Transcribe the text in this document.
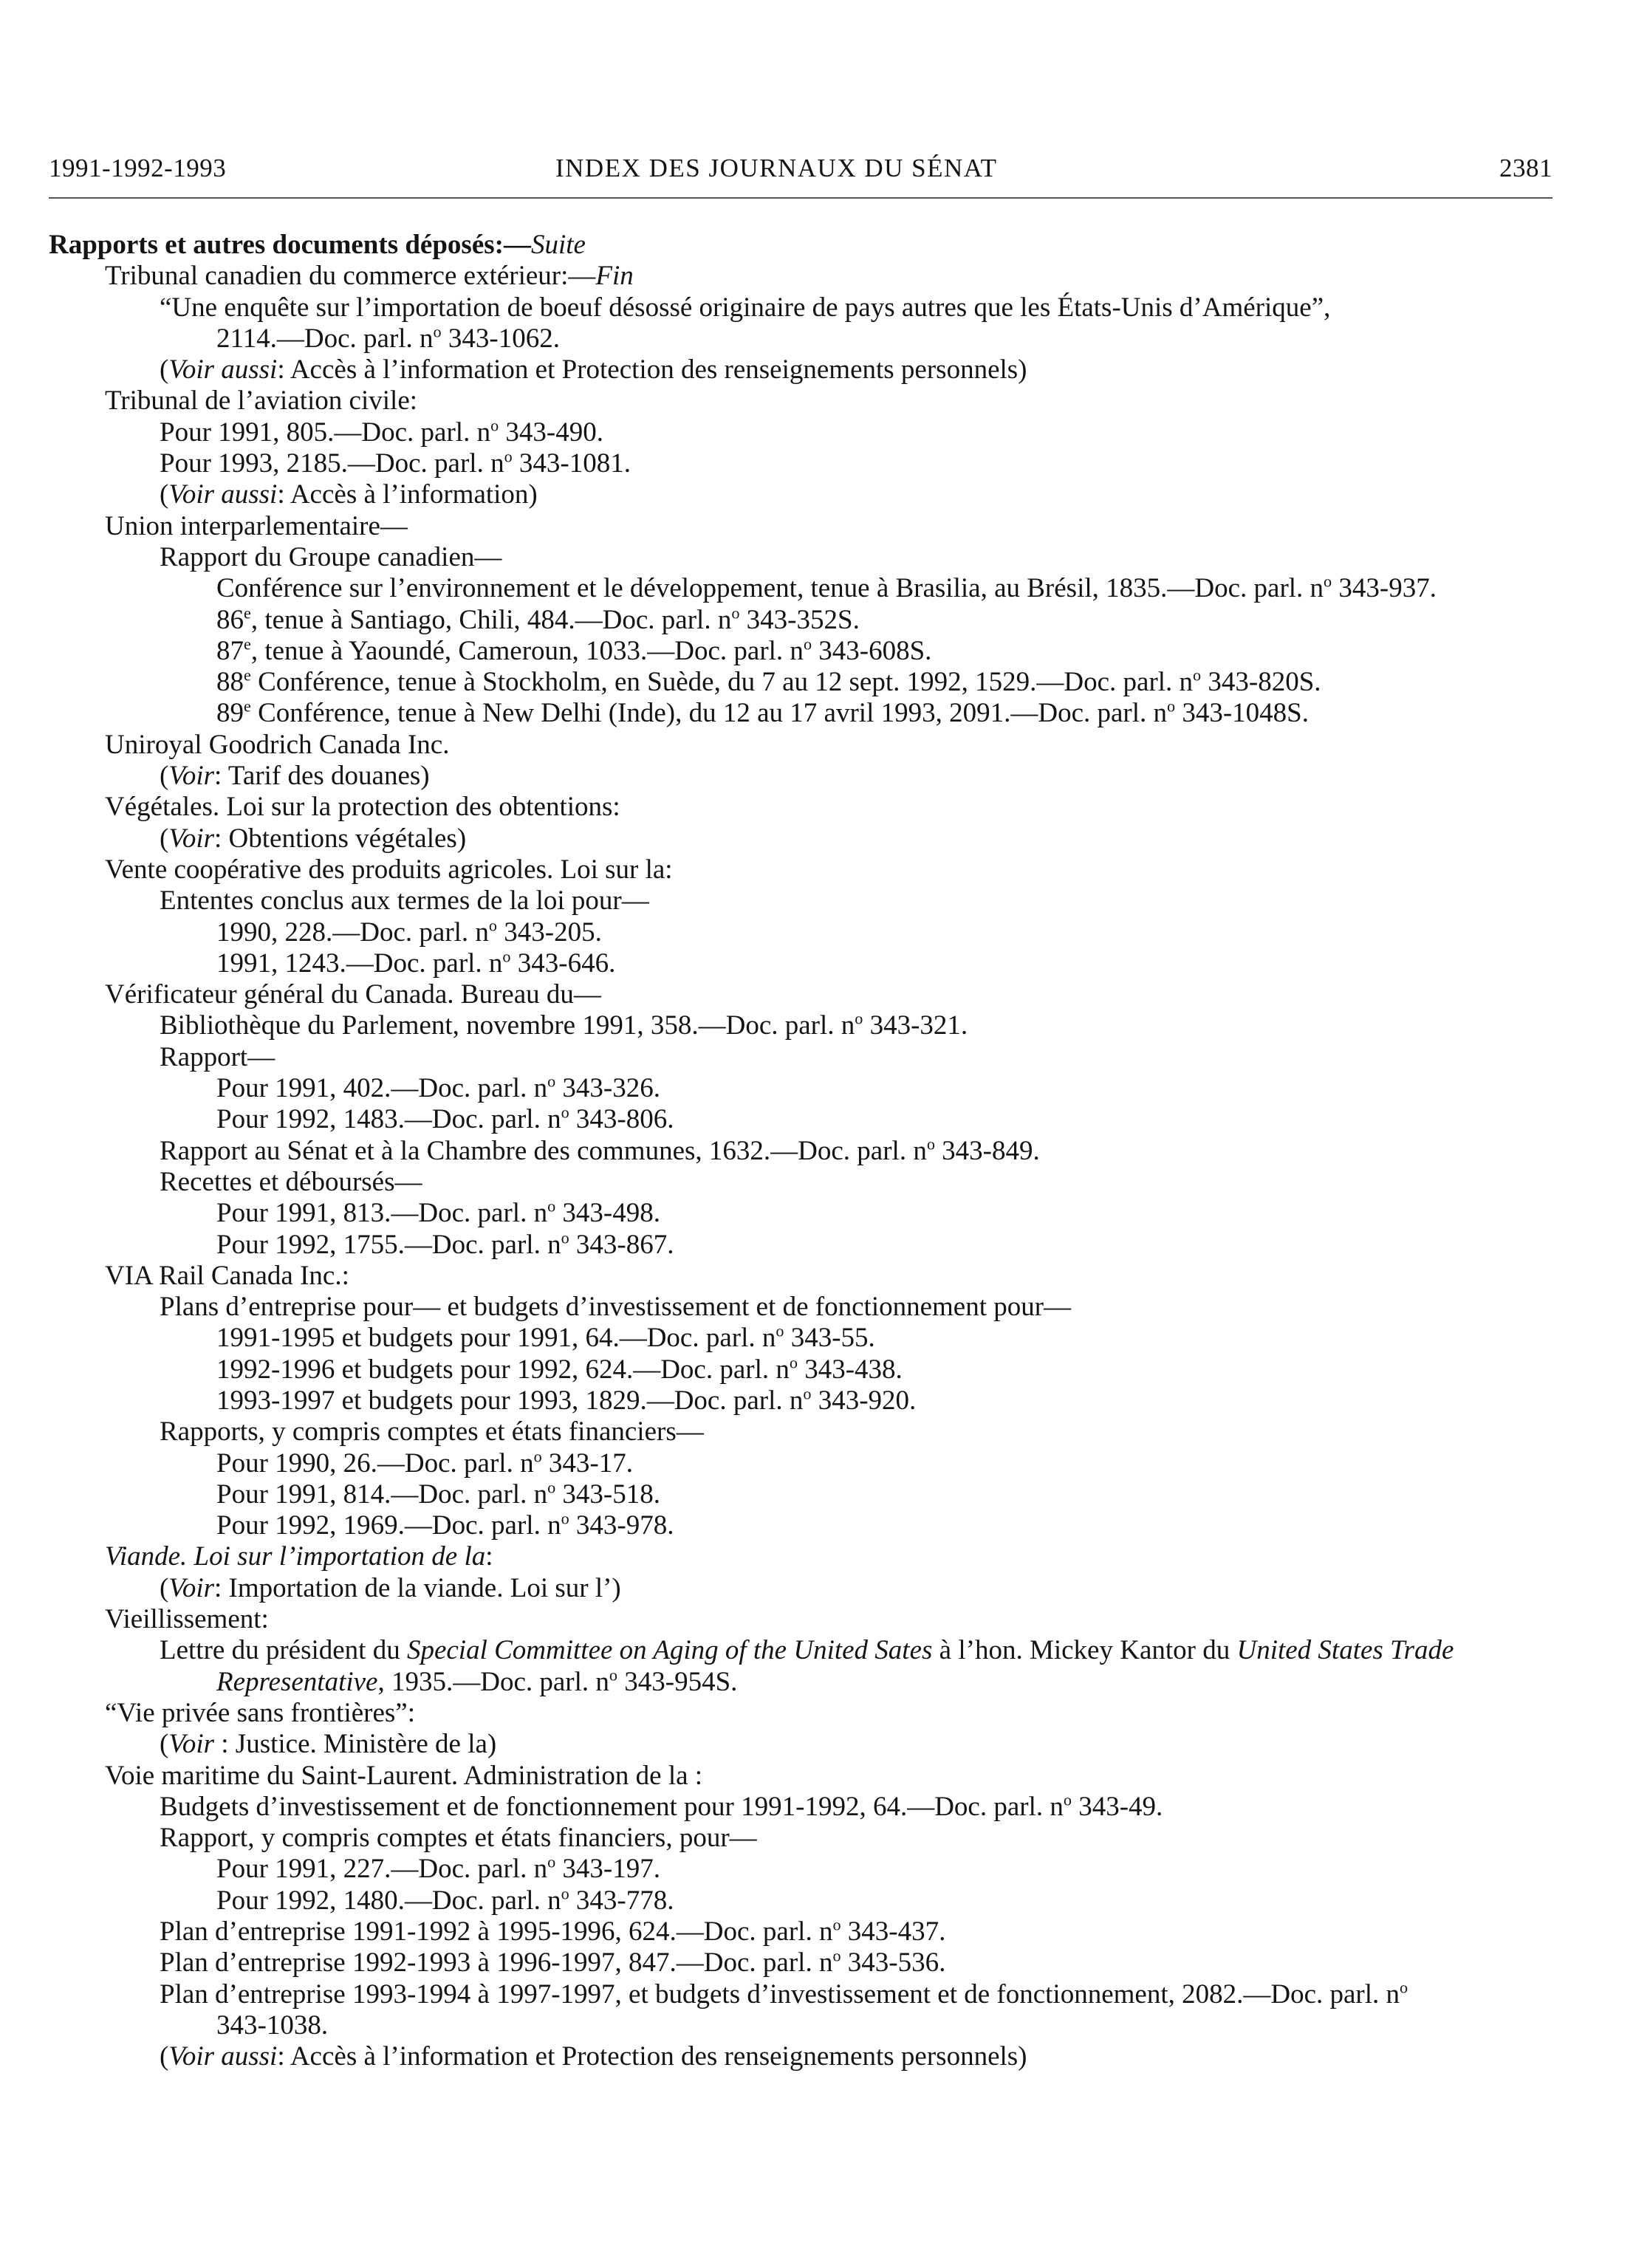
1991-1992-1993	INDEX DES JOURNAUX DU SÉNAT	2381
Rapports et autres documents déposés:—Suite
Tribunal canadien du commerce extérieur:—Fin
“Une enquête sur l’importation de boeuf désossé originaire de pays autres que les États-Unis d’Amérique”,
2114.—Doc. parl. $n^o$ 343-1062.
(Voir aussi: Accès à l’information et Protection des renseignements personnels)
Tribunal de l’aviation civile:
Pour 1991, 805.—Doc. parl. $n^o$ 343-490.
Pour 1993, 2185.—Doc. parl. $n^o$ 343-1081.
(Voir aussi: Accès à l’information)
Union interparlementaire—
Rapport du Groupe canadien—
Conférence sur l’environnement et le développement, tenue à Brasilia, au Brésil, 1835.—Doc. parl. $n^o$ 343-937.
86e, tenue à Santiago, Chili, 484.—Doc. parl. $n^o$ 343-352S.
87e, tenue à Yaoundé, Cameroun, 1033.—Doc. parl. $n^o$ 343-608S.
88e Conférence, tenue à Stockholm, en Suède, du 7 au 12 sept. 1992, 1529.—Doc. parl. $n^o$ 343-820S.
89e Conférence, tenue à New Delhi (Inde), du 12 au 17 avril 1993, 2091.—Doc. parl. $n^o$ 343-1048S.
Uniroyal Goodrich Canada Inc.
(Voir: Tarif des douanes)
Végétales. Loi sur la protection des obtentions:
(Voir: Obtentions végétales)
Vente coopérative des produits agricoles. Loi sur la:
Ententes conclus aux termes de la loi pour—
1990, 228.—Doc. parl. $n^o$ 343-205.
1991, 1243.—Doc. parl. $n^o$ 343-646.
Vérificateur général du Canada. Bureau du—
Bibliothèque du Parlement, novembre 1991, 358.—Doc. parl. $n^o$ 343-321.
Rapport—
Pour 1991, 402.—Doc. parl. $n^o$ 343-326.
Pour 1992, 1483.—Doc. parl. $n^o$ 343-806.
Rapport au Sénat et à la Chambre des communes, 1632.—Doc. parl. $n^o$ 343-849.
Recettes et déboursés—
Pour 1991, 813.—Doc. parl. $n^o$ 343-498.
Pour 1992, 1755.—Doc. parl. $n^o$ 343-867.
VIA Rail Canada Inc.:
Plans d’entreprise pour— et budgets d’investissement et de fonctionnement pour—
1991-1995 et budgets pour 1991, 64.—Doc. parl. $n^o$ 343-55.
1992-1996 et budgets pour 1992, 624.—Doc. parl. $n^o$ 343-438.
1993-1997 et budgets pour 1993, 1829.—Doc. parl. $n^o$ 343-920.
Rapports, y compris comptes et états financiers—
Pour 1990, 26.—Doc. parl. $n^o$ 343-17.
Pour 1991, 814.—Doc. parl. $n^o$ 343-518.
Pour 1992, 1969.—Doc. parl. $n^o$ 343-978.
Viande. Loi sur l’importation de la:
(Voir: Importation de la viande. Loi sur l’)
Vieillissement:
Lettre du président du Special Committee on Aging of the United Sates à l’hon. Mickey Kantor du United States Trade
Representative, 1935.—Doc. parl. $n^o$ 343-954S.
“Vie privée sans frontières”:
(Voir : Justice. Ministère de la)
Voie maritime du Saint-Laurent. Administration de la :
Budgets d’investissement et de fonctionnement pour 1991-1992, 64.—Doc. parl. $n^o$ 343-49.
Rapport, y compris comptes et états financiers, pour—
Pour 1991, 227.—Doc. parl. $n^o$ 343-197.
Pour 1992, 1480.—Doc. parl. $n^o$ 343-778.
Plan d’entreprise 1991-1992 à 1995-1996, 624.—Doc. parl. $n^o$ 343-437.
Plan d’entreprise 1992-1993 à 1996-1997, 847.—Doc. parl. $n^o$ 343-536.
Plan d’entreprise 1993-1994 à 1997-1997, et budgets d’investissement et de fonctionnement, 2082.—Doc. parl. $n^o$
343-1038.
(Voir aussi: Accès à l’information et Protection des renseignements personnels)
